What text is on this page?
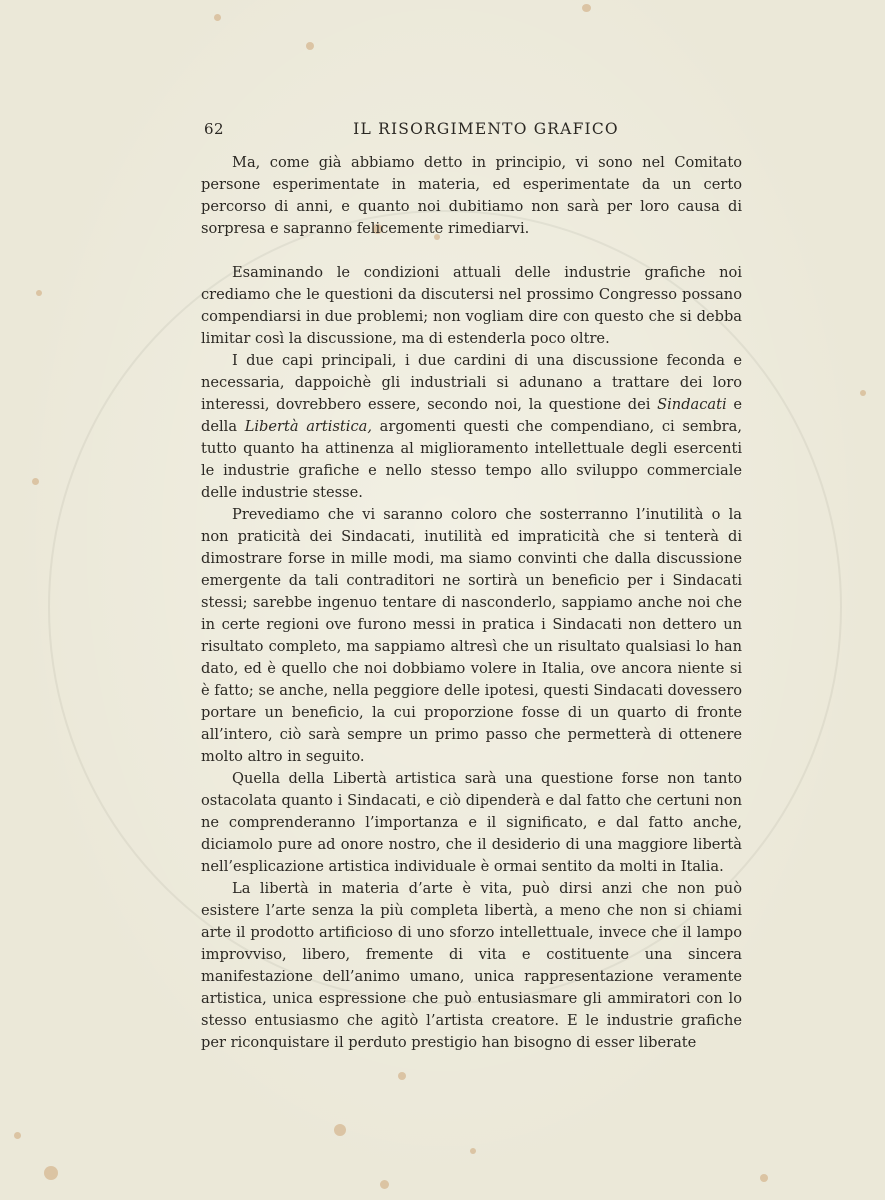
62	IL RISORGIMENTO GRAFICO

Ma, come già abbiamo detto in principio, vi sono nel Comitato persone esperimentate in materia, ed esperimentate da un certo percorso di anni, e quanto noi dubitiamo non sarà per loro causa di sorpresa e sapranno felicemente rimediarvi.

Esaminando le condizioni attuali delle industrie grafiche noi crediamo che le questioni da discutersi nel prossimo Congresso possano compendiarsi in due problemi; non vogliam dire con questo che si debba limitar così la discussione, ma di estenderla poco oltre.

I due capi principali, i due cardini di una discussione feconda e necessaria, dappoichè gli industriali si adunano a trattare dei loro interessi, dovrebbero essere, secondo noi, la questione dei Sindacati e della Libertà artistica, argomenti questi che compendiano, ci sembra, tutto quanto ha attinenza al miglioramento intellettuale degli esercenti le industrie grafiche e nello stesso tempo allo sviluppo commerciale delle industrie stesse.

Prevediamo che vi saranno coloro che sosterranno l’inutilità o la non praticità dei Sindacati, inutilità ed impraticità che si tenterà di dimostrare forse in mille modi, ma siamo convinti che dalla discussione emergente da tali contraditori ne sortirà un beneficio per i Sindacati stessi; sarebbe ingenuo tentare di nasconderlo, sappiamo anche noi che in certe regioni ove furono messi in pratica i Sindacati non dettero un risultato completo, ma sappiamo altresì che un risultato qualsiasi lo han dato, ed è quello che noi dobbiamo volere in Italia, ove ancora niente si è fatto; se anche, nella peggiore delle ipotesi, questi Sindacati dovessero portare un beneficio, la cui proporzione fosse di un quarto di fronte all’intero, ciò sarà sempre un primo passo che permetterà di ottenere molto altro in seguito.

Quella della Libertà artistica sarà una questione forse non tanto ostacolata quanto i Sindacati, e ciò dipenderà e dal fatto che certuni non ne comprenderanno l’importanza e il significato, e dal fatto anche, diciamolo pure ad onore nostro, che il desiderio di una maggiore libertà nell’esplicazione artistica individuale è ormai sentito da molti in Italia.

La libertà in materia d’arte è vita, può dirsi anzi che non può esistere l’arte senza la più completa libertà, a meno che non si chiami arte il prodotto artificioso di uno sforzo intellettuale, invece che il lampo improvviso, libero, fremente di vita e costituente una sincera manifestazione dell’animo umano, unica rappresentazione veramente artistica, unica espressione che può entusiasmare gli ammiratori con lo stesso entusiasmo che agitò l’artista creatore. E le industrie grafiche per riconquistare il perduto prestigio han bisogno di esser liberate
